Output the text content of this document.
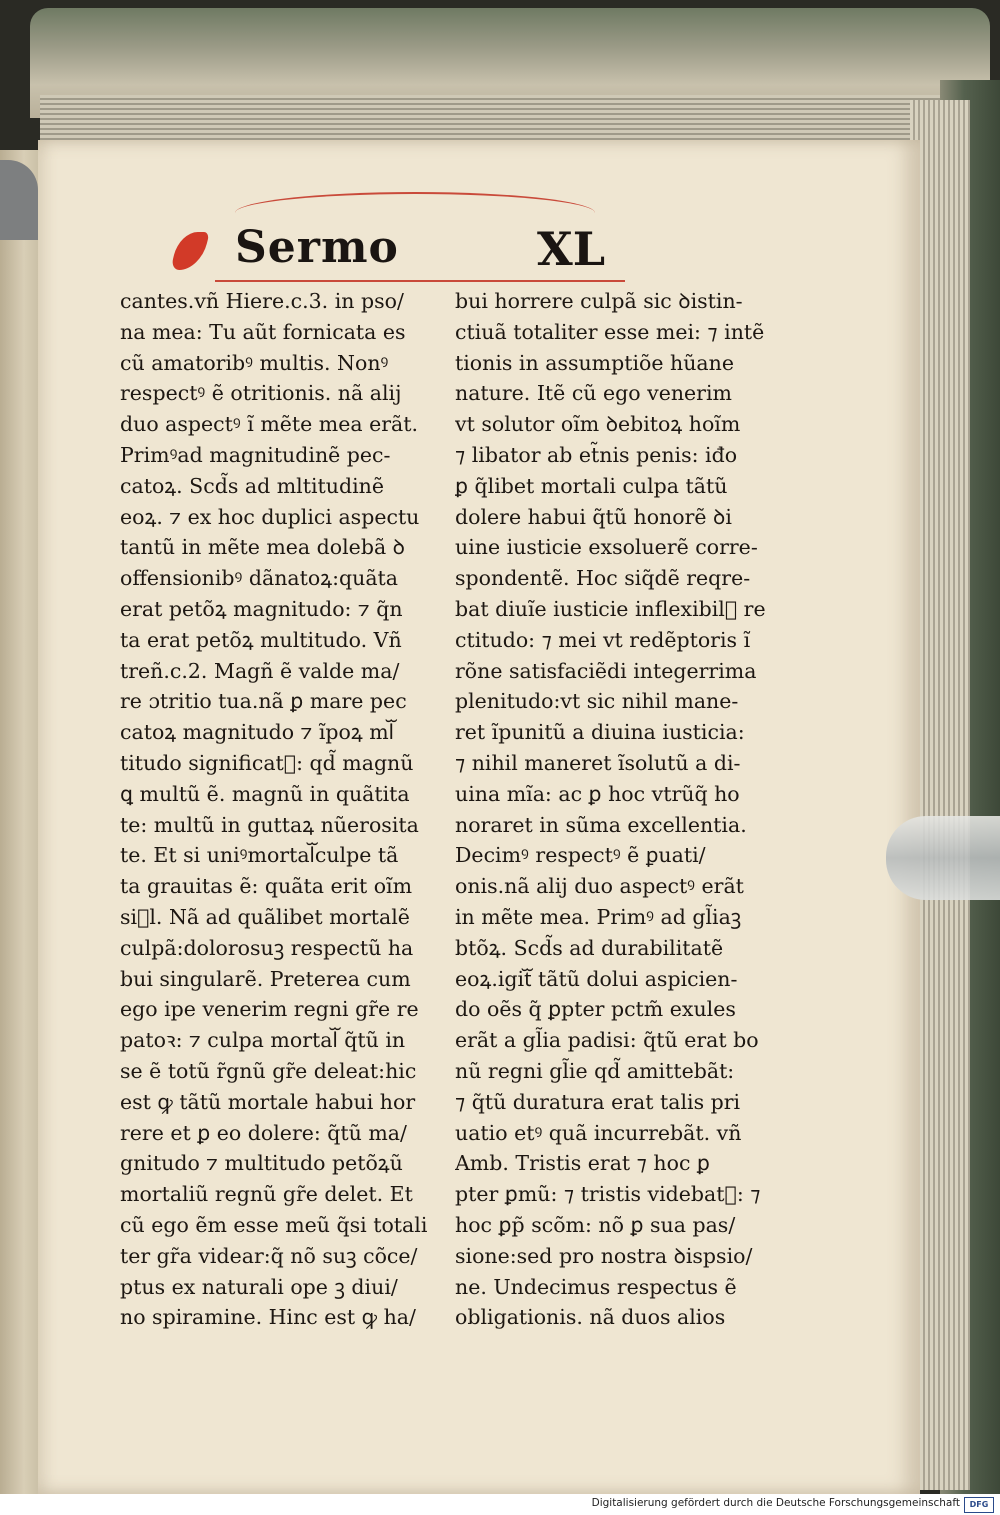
Sermo	XL
cantes.vñ Hiere.c.3. in pso/
na mea: Tu aũt fornicata es
cũ amatoribꝰ multis. Nonꝰ
respectꝰ ẽ otritionis. nã alij
duo aspectꝰ ĩ mẽte mea erãt.
Primꝰad magnitudinẽ pec-
catoꝝ. Scd̃s ad mltitudinẽ
eoꝝ. ⁊ ex hoc duplici aspectu
tantũ in mẽte mea dolebã ꝺ
offensionibꝰ dãnatoꝝ:quãta
erat petõꝝ magnitudo: ⁊ q̃n
ta erat petõꝝ multitudo. Vñ
treñ.c.2. Magñ ẽ valde ma/
re ɔtritio tua.nã ꝑ mare pec
catoꝝ magnitudo ⁊ ĩpoꝝ mlᷓ
titudo significatᷓ: qd̃ magnũ
ꝗ multũ ẽ. magnũ in quãtita
te: multũ in guttaꝝ nũerosita
te. Et si uniꝰmortalᷓculpe tã
ta grauitas ẽ: quãta erit oĩm
siᷓl. Nã ad quãlibet mortalẽ
culpã:dolorosuꝫ respectũ ha
bui singularẽ. Preterea cum
ego ipe venerim regni gr̃e re
patoꝛ: ⁊ culpa mortalᷓ q̃tũ in
se ẽ totũ r̃gnũ gr̃e deleat:hic
est ꝙ tãtũ mortale habui hor
rere et ꝑ eo dolere: q̃tũ ma/
gnitudo ⁊ multitudo petõꝝũ
mortaliũ regnũ gr̃e delet. Et
cũ ego ẽm esse meũ q̃si totali
ter gr̃a videar:q̃ nõ suꝫ cõce/
ptus ex naturali ope ꝫ diui/
no spiramine. Hinc est ꝙ ha/
bui horrere culpã sic ꝺistin-
ctiuã totaliter esse mei: ⁊ intẽ
tionis in assumptiõe hũane
nature. Itẽ cũ ego venerim
vt solutor oĩm ꝺebitoꝝ hoĩm
⁊ libator ab et̃nis penis: iđo
ꝑ q̃libet mortali culpa tãtũ
dolere habui q̃tũ honorẽ ꝺi
uine iusticie exsoluerẽ corre-
spondentẽ. Hoc siq̃dẽ reqre-
bat diuĩe iusticie inflexibilᷓ re
ctitudo: ⁊ mei vt redẽptoris ĩ
rõne satisfaciẽdi integerrima
plenitudo:vt sic nihil mane-
ret ĩpunitũ a diuina iusticia:
⁊ nihil maneret ĩsolutũ a di-
uina mĩa: ac ꝑ hoc vtrũq̃ ho
noraret in sũma excellentia.
Decimꝰ respectꝰ ẽ ꝑuati/
onis.nã alij duo aspectꝰ erãt
in mẽte mea. Primꝰ ad gl̃iaꝫ
btõꝝ. Scd̃s ad durabilitatẽ
eoꝝ.igitᷓ tãtũ dolui aspicien-
do oẽs q̃ ꝑpter pctm̃ exules
erãt a gl̃ia padisi: q̃tũ erat bo
nũ regni gl̃ie qd̃ amittebãt:
⁊ q̃tũ duratura erat talis pri
uatio etꝰ quã incurrebãt. vñ
Amb. Tristis erat ⁊ hoc ꝑ
pter ꝑmũ: ⁊ tristis videbatᷓ: ⁊
hoc ꝑp̃ scõm: nõ ꝑ sua pas/
sione:sed pro nostra ꝺispsio/
ne. Undecimus respectus ẽ
obligationis. nã duos alios
Digitalisierung gefördert durch die Deutsche Forschungsgemeinschaft	DFG
